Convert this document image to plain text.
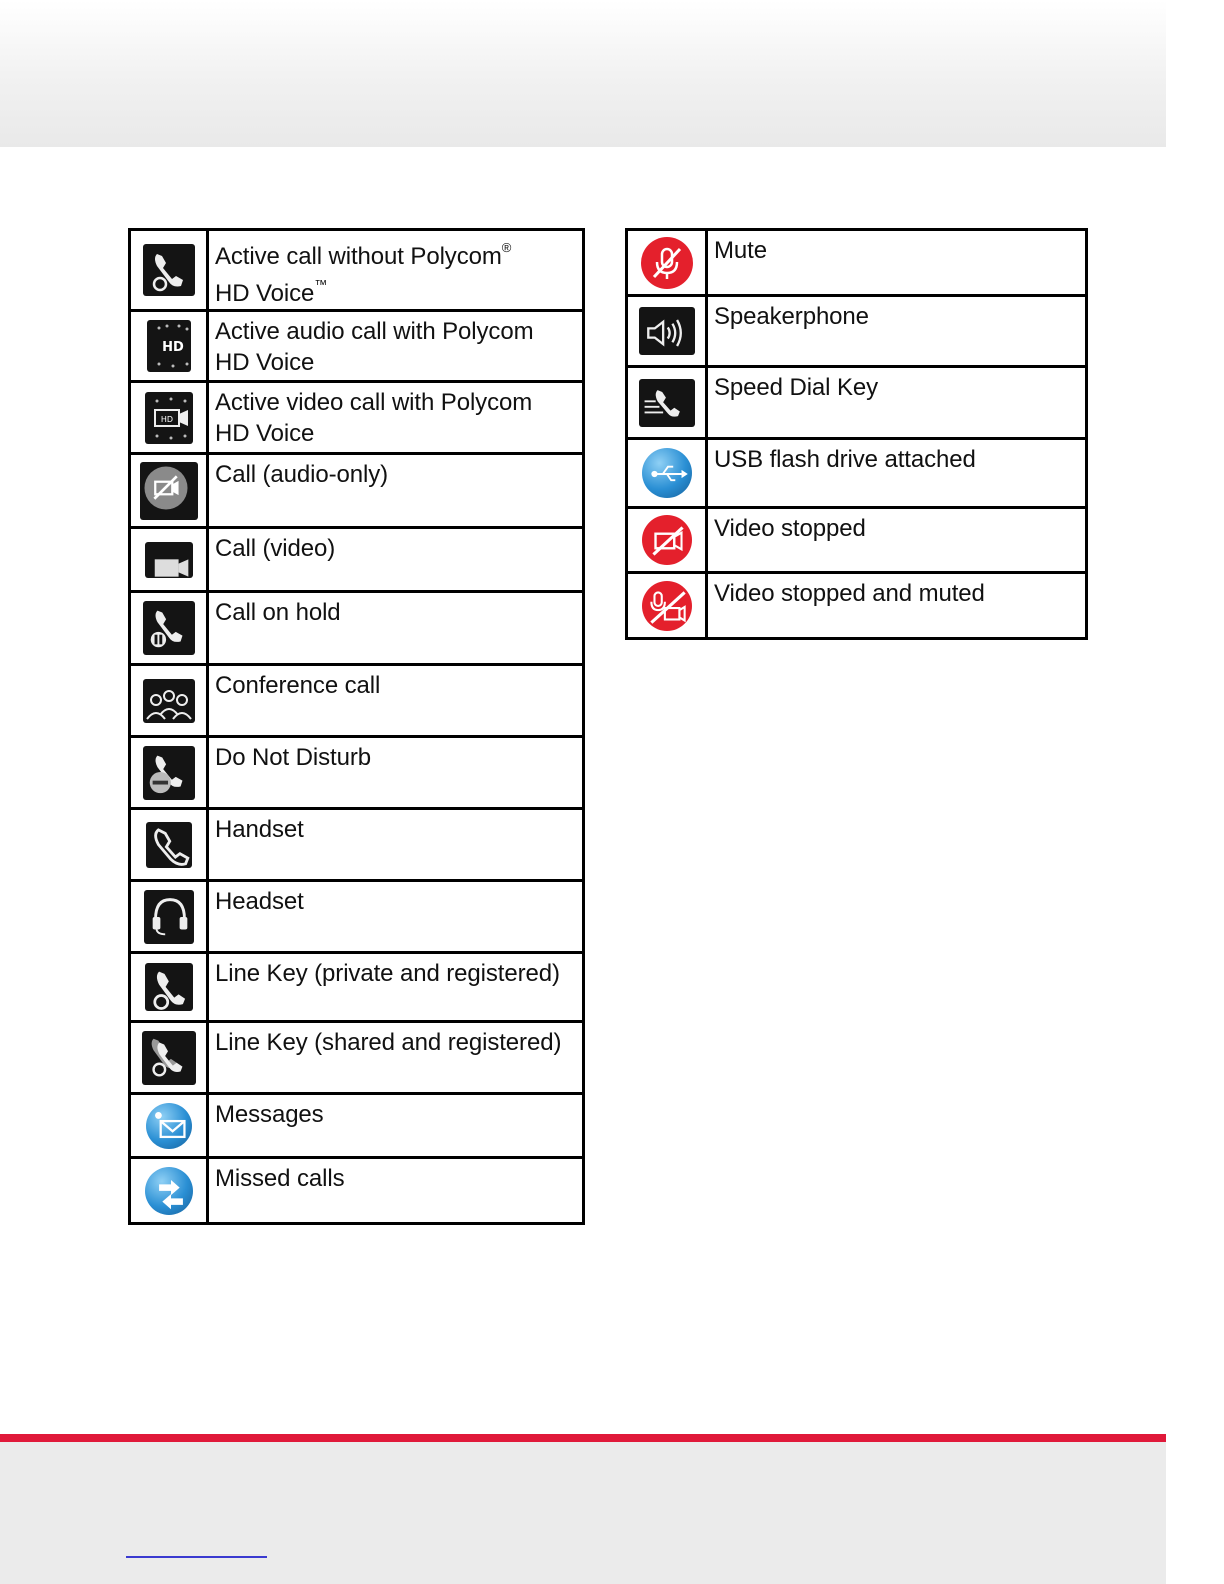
	Active call without Polycom®
HD Voice™

HD	Active audio call with Polycom
HD Voice

HD	Active video call with Polycom
HD Voice

	Call (audio-only)

	Call (video)

	Call on hold

	Conference call

	Do Not Disturb

	Handset

	Headset

	Line Key (private and registered)

	Line Key (shared and registered)

	Messages

	Missed calls
	Mute

	Speakerphone

	Speed Dial Key

	USB flash drive attached

	Video stopped

	Video stopped and muted
